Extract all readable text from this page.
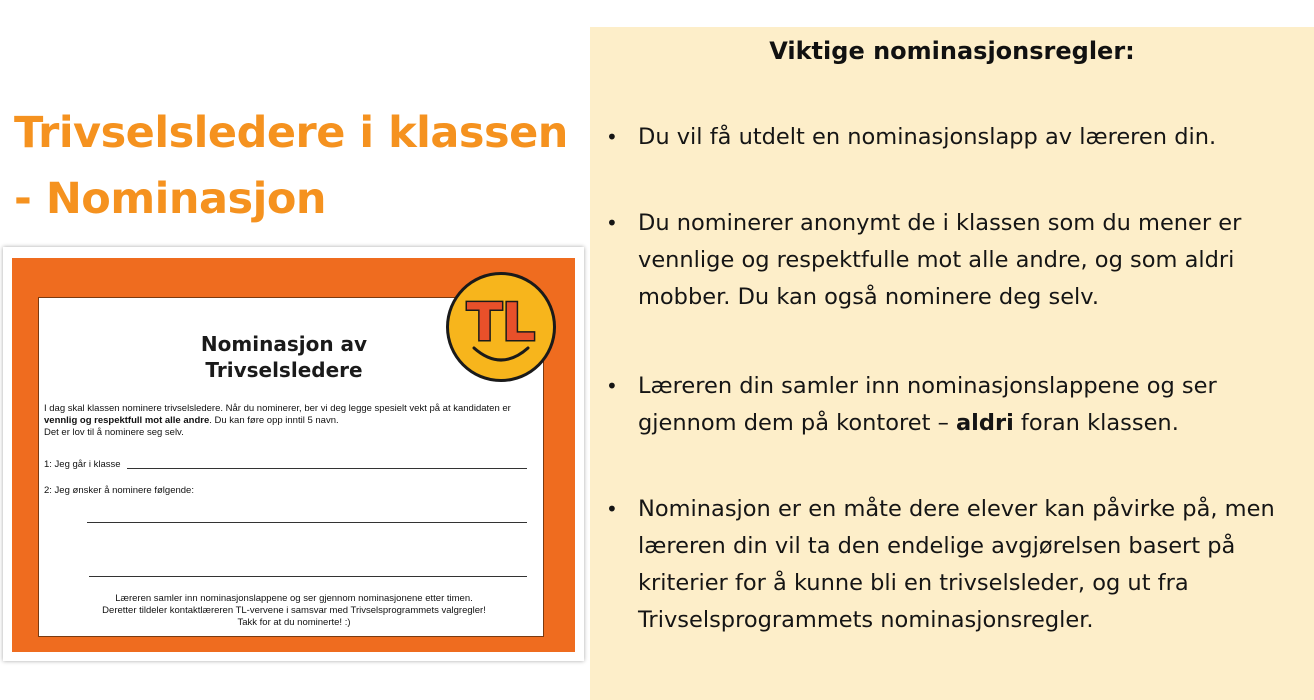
Trivselsledere i klassen
- Nominasjon
Nominasjon av
Trivselsledere
I dag skal klassen nominere trivselsledere. Når du nominerer, ber vi deg legge spesielt vekt på at kandidaten er vennlig og respektfull mot alle andre. Du kan føre opp inntil 5 navn.
Det er lov til å nominere seg selv.
1: Jeg går i klasse
2: Jeg ønsker å nominere følgende:
Læreren samler inn nominasjonslappene og ser gjennom nominasjonene etter timen.
Deretter tildeler kontaktlæreren TL-vervene i samsvar med Trivselsprogrammets valgregler!
Takk for at du nominerte! :)
TL
Viktige nominasjonsregler:
• Du vil få utdelt en nominasjonslapp av læreren din.
• Du nominerer anonymt de i klassen som du mener er vennlige og respektfulle mot alle andre, og som aldri mobber. Du kan også nominere deg selv.
• Læreren din samler inn nominasjonslappene og ser gjennom dem på kontoret – aldri foran klassen.
• Nominasjon er en måte dere elever kan påvirke på, men læreren din vil ta den endelige avgjørelsen basert på kriterier for å kunne bli en trivselsleder, og ut fra Trivselsprogrammets nominasjonsregler.
